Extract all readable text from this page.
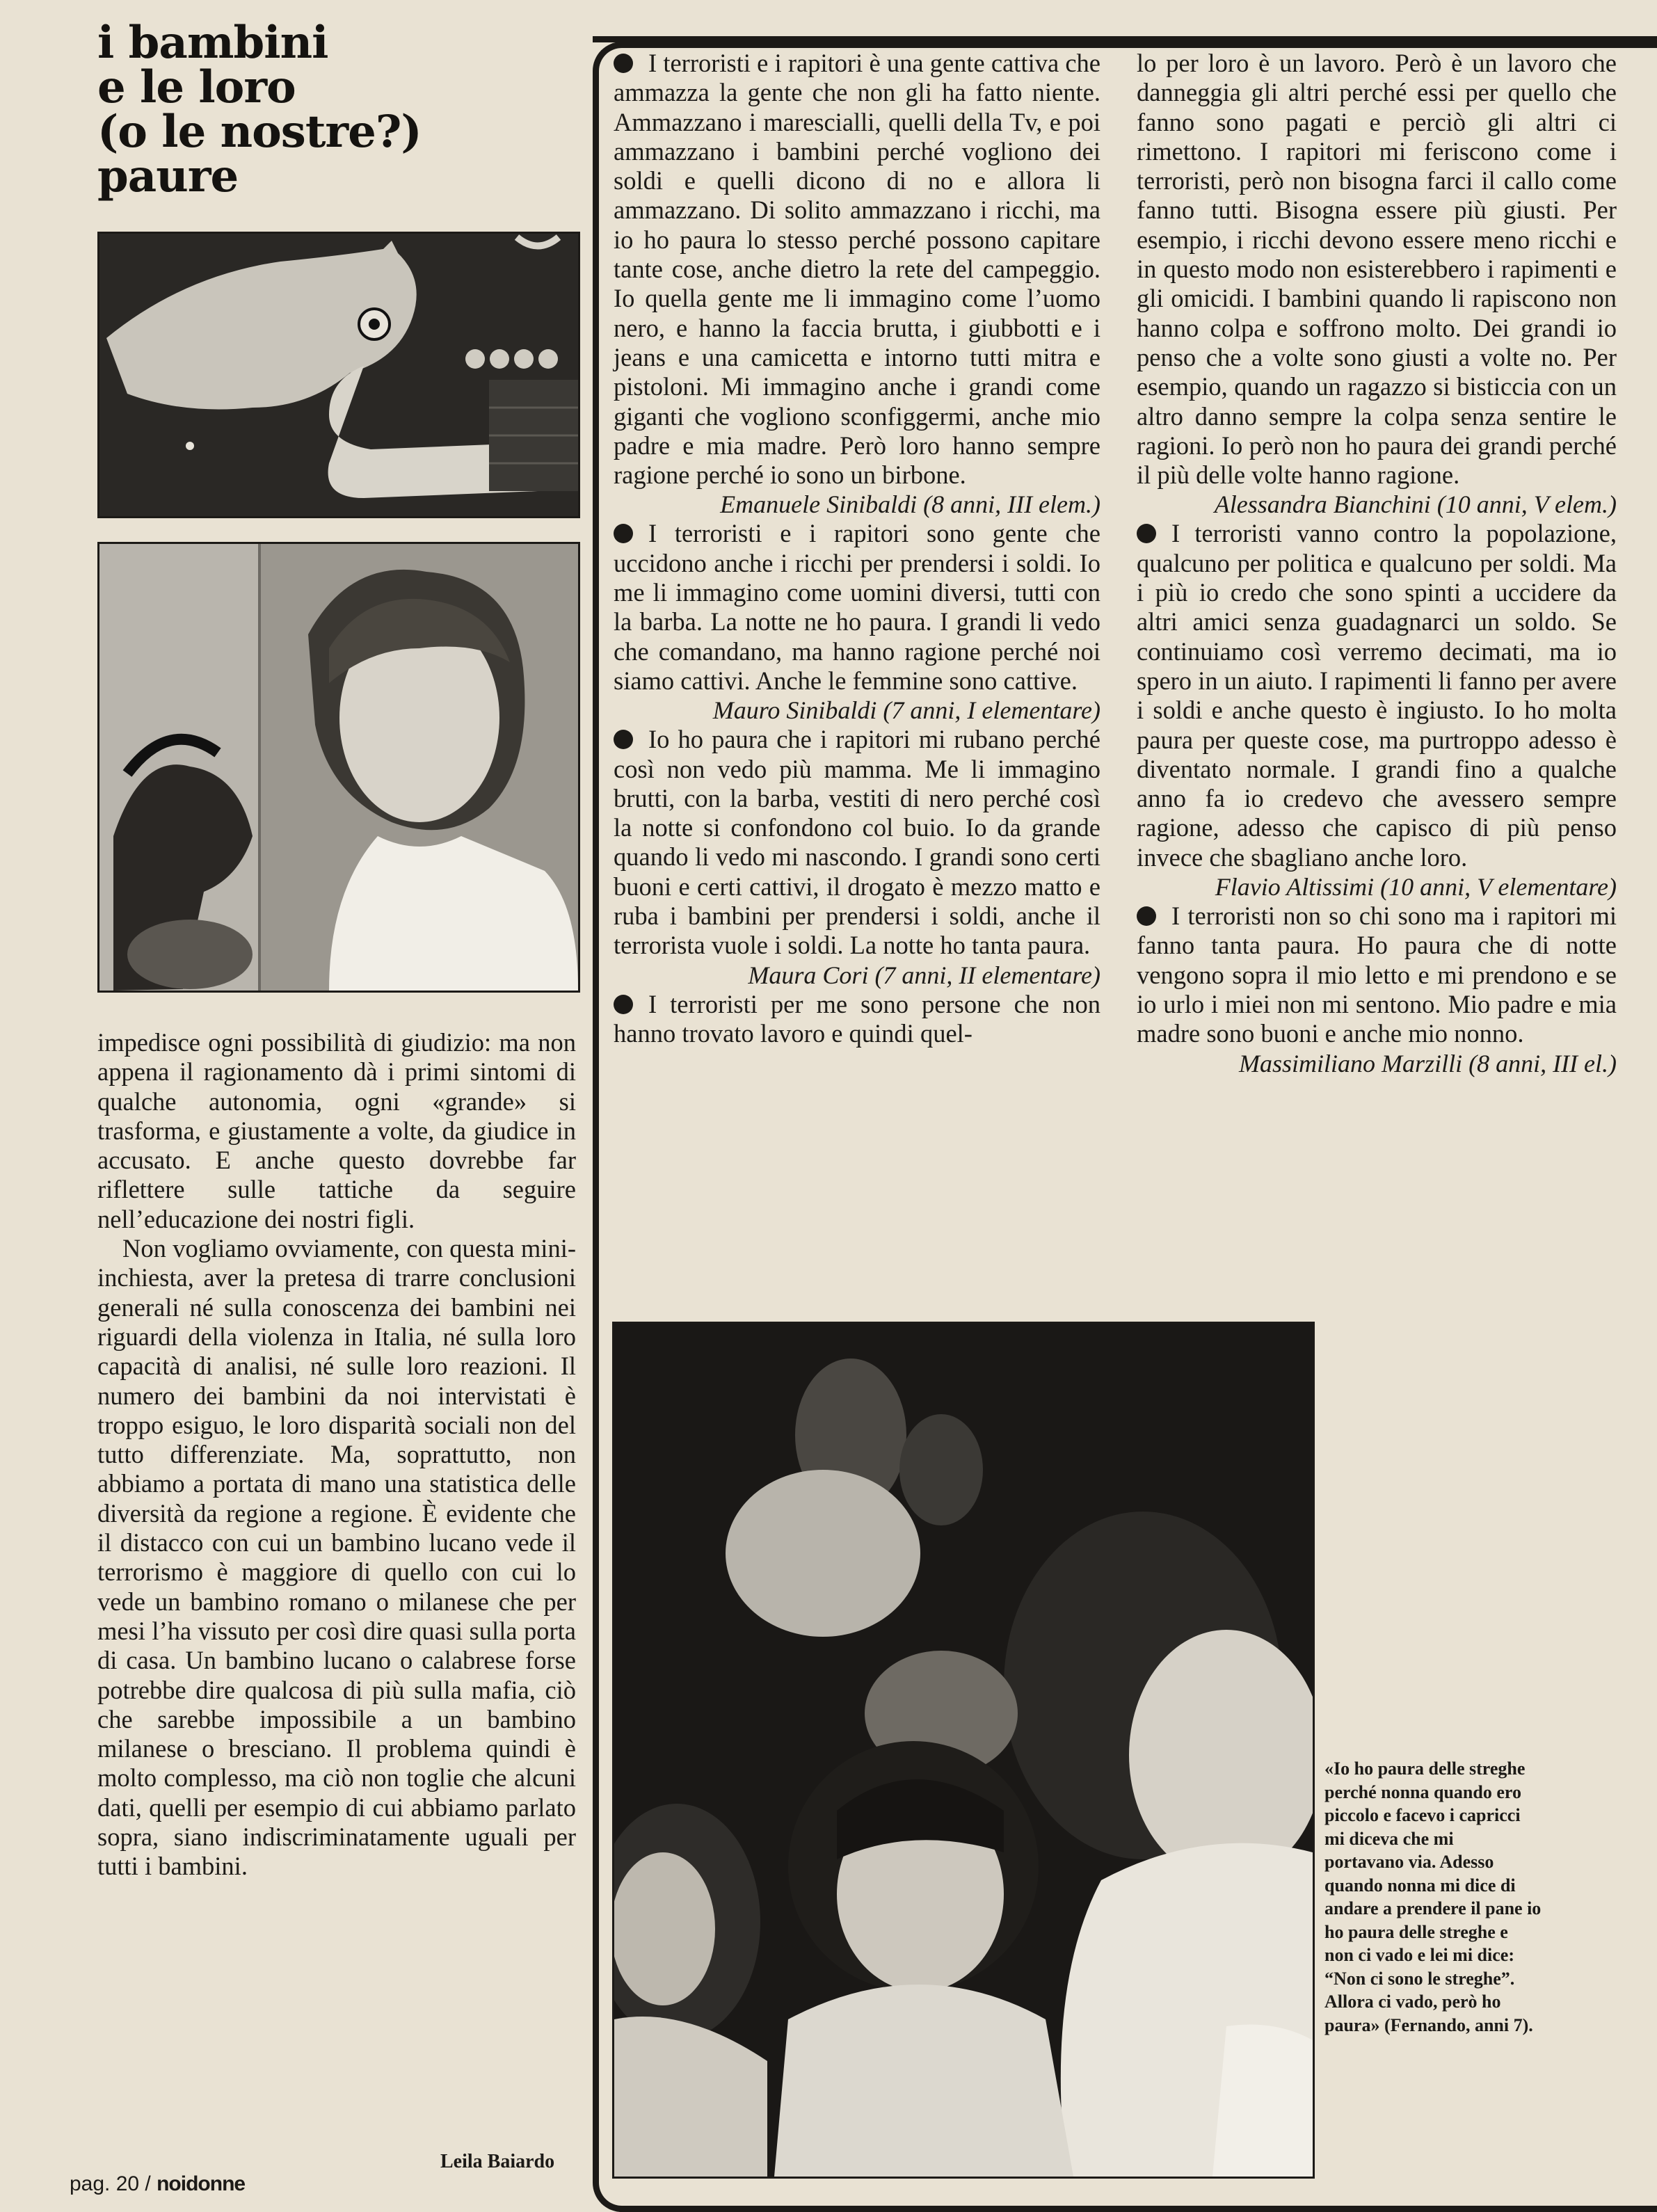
i bambini
e le loro
(o le nostre?)
paure

impedisce ogni possibilità di giudizio: ma non appena il ragionamento dà i primi sintomi di qualche autonomia, ogni «grande» si trasforma, e giustamente a volte, da giudice in accusato. E anche questo dovrebbe far riflettere sulle tattiche da seguire nell’educazione dei nostri figli.

Non vogliamo ovviamente, con questa mini-inchiesta, aver la pretesa di trarre conclusioni generali né sulla conoscenza dei bambini nei riguardi della violenza in Italia, né sulla loro capacità di analisi, né sulle loro reazioni. Il numero dei bambini da noi intervistati è troppo esiguo, le loro disparità sociali non del tutto differenziate. Ma, soprattutto, non abbiamo a portata di mano una statistica delle diversità da regione a regione. È evidente che il distacco con cui un bambino lucano vede il terrorismo è maggiore di quello con cui lo vede un bambino romano o milanese che per mesi l’ha vissuto per così dire quasi sulla porta di casa. Un bambino lucano o calabrese forse potrebbe dire qualcosa di più sulla mafia, ciò che sarebbe impossibile a un bambino milanese o bresciano. Il problema quindi è molto complesso, ma ciò non toglie che alcuni dati, quelli per esempio di cui abbiamo parlato sopra, siano indiscriminatamente uguali per tutti i bambini.

Leila Baiardo

I terroristi e i rapitori è una gente cattiva che ammazza la gente che non gli ha fatto niente. Ammazzano i marescialli, quelli della Tv, e poi ammazzano i bambini perché vogliono dei soldi e quelli dicono di no e allora li ammazzano. Di solito ammazzano i ricchi, ma io ho paura lo stesso perché possono capitare tante cose, anche dietro la rete del campeggio. Io quella gente me li immagino come l’uomo nero, e hanno la faccia brutta, i giubbotti e i jeans e una camicetta e intorno tutti mitra e pistoloni. Mi immagino anche i grandi come giganti che vogliono sconfiggermi, anche mio padre e mia madre. Però loro hanno sempre ragione perché io sono un birbone.

Emanuele Sinibaldi (8 anni, III elem.)

I terroristi e i rapitori sono gente che uccidono anche i ricchi per prendersi i soldi. Io me li immagino come uomini diversi, tutti con la barba. La notte ne ho paura. I grandi li vedo che comandano, ma hanno ragione perché noi siamo cattivi. Anche le femmine sono cattive.

Mauro Sinibaldi (7 anni, I elementare)

Io ho paura che i rapitori mi rubano perché così non vedo più mamma. Me li immagino brutti, con la barba, vestiti di nero perché così la notte si confondono col buio. Io da grande quando li vedo mi nascondo. I grandi sono certi buoni e certi cattivi, il drogato è mezzo matto e ruba i bambini per prendersi i soldi, anche il terrorista vuole i soldi. La notte ho tanta paura.

Maura Cori (7 anni, II elementare)

I terroristi per me sono persone che non hanno trovato lavoro e quindi quel-

lo per loro è un lavoro. Però è un lavoro che danneggia gli altri perché essi per quello che fanno sono pagati e perciò gli altri ci rimettono. I rapitori mi feriscono come i terroristi, però non bisogna farci il callo come fanno tutti. Bisogna essere più giusti. Per esempio, i ricchi devono essere meno ricchi e in questo modo non esisterebbero i rapimenti e gli omicidi. I bambini quando li rapiscono non hanno colpa e soffrono molto. Dei grandi io penso che a volte sono giusti a volte no. Per esempio, quando un ragazzo si bisticcia con un altro danno sempre la colpa senza sentire le ragioni. Io però non ho paura dei grandi perché il più delle volte hanno ragione.

Alessandra Bianchini (10 anni, V elem.)

I terroristi vanno contro la popolazione, qualcuno per politica e qualcuno per soldi. Ma i più io credo che sono spinti a uccidere da altri amici senza guadagnarci un soldo. Se continuiamo così verremo decimati, ma io spero in un aiuto. I rapimenti li fanno per avere i soldi e anche questo è ingiusto. Io ho molta paura per queste cose, ma purtroppo adesso è diventato normale. I grandi fino a qualche anno fa io credevo che avessero sempre ragione, adesso che capisco di più penso invece che sbagliano anche loro.

Flavio Altissimi (10 anni, V elementare)

I terroristi non so chi sono ma i rapitori mi fanno tanta paura. Ho paura che di notte vengono sopra il mio letto e mi prendono e se io urlo i miei non mi sentono. Mio padre e mia madre sono buoni e anche mio nonno.

Massimiliano Marzilli (8 anni, III el.)

«Io ho paura delle streghe
perché nonna quando ero
piccolo e facevo i capricci
mi diceva che mi
portavano via. Adesso
quando nonna mi dice di
andare a prendere il pane io
ho paura delle streghe e
non ci vado e lei mi dice:
“Non ci sono le streghe”.
Allora ci vado, però ho
paura» (Fernando, anni 7).
pag. 20 / noidonne
